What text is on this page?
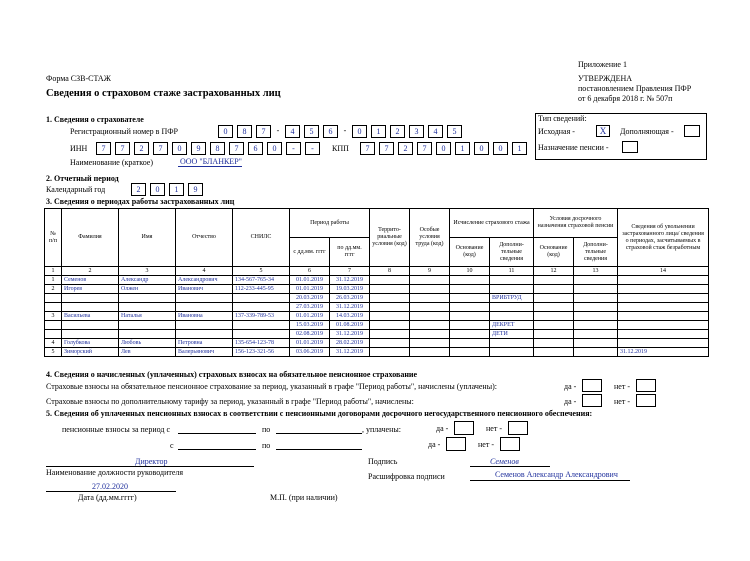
Приложение 1
УТВЕРЖДЕНА
постановлением Правления ПФР
от 6 декабря 2018 г. № 507п
Форма СЗВ-СТАЖ
Сведения о страховом стаже застрахованных лиц
Тип сведений:
Исходная -	X	Дополняющая -
Назначение пенсии -
1. Сведения о страхователе
Регистрационный номер в ПФР	0	8	7	-	4	5	6	-	0	1	2	3	4	5
ИНН	7	7	2	7	0	9	8	7	6	0	-	-	КПП	7	7	2	7	0	1	0	0	1
Наименование (краткое)	ООО "БЛАНКЕР"
2. Отчетный период
Календарный год	2	0	1	9
3. Сведения о периодах работы застрахованных лиц
№ п/п	Фамилия	Имя	Отчество	СНИЛС	Период работы		Террито- риальные условия (код)	Особые условия труда (код)	Исчисление страхового стажа		Условия досрочного назначения страховой пенсии		Сведения об увольнении застрахованного лица/ сведения о периодах, засчитываемых в страховой стаж безработным
					с дд.мм. гггг	по дд.мм. гггг			Основание (код)	Дополни- тельные сведения	Основание (код)	Дополни- тельные сведения	
1	2	3	4	5	6	7	8	9	10	11	12	13	14
1	Семенов	Александр	Александрович	134-567-765-34	01.01.2019	31.12.2019							
2	Игорев	Олжен	Иванович	112-233-445-95	01.01.2019	19.03.2019							
					20.03.2019	26.03.2019				ВРИБТРУД			
					27.03.2019	31.12.2019							
3	Васильева	Наталья	Ивановна	137-339-789-53	01.01.2019	14.03.2019							
					15.03.2019	01.08.2019				ДЕКРЕТ			
					02.08.2019	31.12.2019				ДЕТИ			
4	Голубкова	Любовь	Петровна	135-654-123-78	01.01.2019	28.02.2019							
5	Зиморский	Лев	Валерьянович	156-123-321-56	03.06.2019	31.12.2019							31.12.2019
4. Сведения о начисленных (уплаченных) страховых взносах на обязательное пенсионное страхование
Страховые взносы на обязательное пенсионное страхование за период, указанный в графе "Период работы", начислены (уплачены):	да -	нет -
Страховые взносы по дополнительному тарифу за период, указанный в графе "Период работы", начислены:	да -	нет -
5. Сведения об уплаченных пенсионных взносах в соответствии с пенсионными договорами досрочного негосударственного пенсионного обеспечения:
пенсионные взносы за период с	по	, уплачены:	да -	нет -
с	по	да -	нет -
Директор
Наименование должности руководителя
Подпись	Семенов
Расшифровка подписи	Семенов Александр Александрович
27.02.2020
Дата (дд.мм.гггг)	М.П. (при наличии)
